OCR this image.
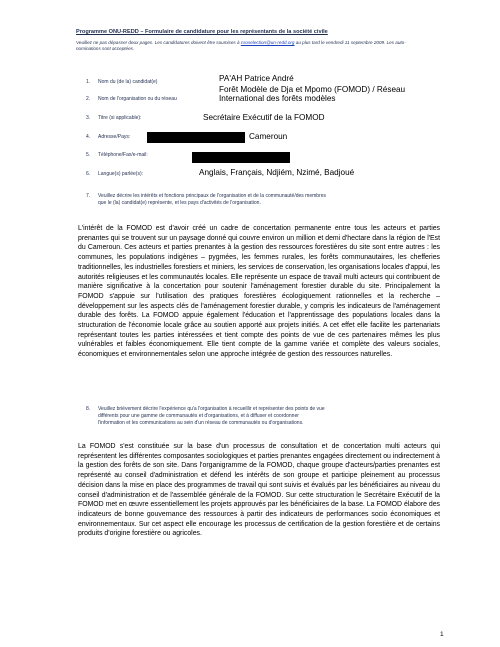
Programme ONU-REDD – Formulaire de candidature pour les représentants de la société civile
Veuillez ne pas dépasser deux pages. Les candidatures doivent être soumises à csoselection@un-redd.org au plus tard le vendredi 11 septembre 2009. Les auto-nominations sont acceptées.
1. Nom du (de la) candidat(e)
2. Nom de l'organisation ou du réseau
3. Titre (si applicable):
4. Adresse/Pays:
5. Téléphone/Fax/e-mail:
6. Langue(s) parlée(s):
PA'AH Patrice André
Forêt Modèle de Dja et Mpomo (FOMOD) / Réseau
International des forêts modèles
Secrétaire Exécutif de la FOMOD
Cameroun
Anglais, Français, Ndjiém, Nzimé, Badjoué
7. Veuillez décrire les intérêts et fonctions principaux de l'organisation et de la communauté/des membres
que le (la) candidat(e) représente, et les pays d'activités de l'organisation.
L'intérêt de la FOMOD est d'avoir créé un cadre de concertation permanente entre tous les acteurs et parties prenantes qui se trouvent sur un paysage donné qui couvre environ un million et demi d'hectare dans la région de l'Est du Cameroun. Ces acteurs et parties prenantes à la gestion des ressources forestières du site sont entre autres : les communes, les populations indigènes – pygmées, les femmes rurales, les forêts communautaires, les chefferies traditionnelles, les industrielles forestiers et miniers, les services de conservation, les organisations locales d'appui, les autorités religieuses et les communautés locales. Elle représente un espace de travail multi acteurs qui contribuent de manière significative à la concertation pour soutenir l'aménagement forestier durable du site. Principalement la FOMOD s'appuie sur l'utilisation des pratiques forestières écologiquement rationnelles et la recherche – développement sur les aspects clés de l'aménagement forestier durable, y compris les indicateurs de l'aménagement durable des forêts. La FOMOD appuie également l'éducation et l'apprentissage des populations locales dans la structuration de l'économie locale grâce au soutien apporté aux projets initiés. A cet effet elle facilite les partenariats représentant toutes les parties intéressées et tient compte des points de vue de ces partenaires mêmes les plus vulnérables et faibles économiquement. Elle tient compte de la gamme variée et complète des valeurs sociales, économiques et environnementales selon une approche intégrée de gestion des ressources naturelles.
8. Veuillez brièvement décrire l'expérience qu'a l'organisation à recueillir et représenter des points de vue
différents pour une gamme de communautés et d'organisations, et à diffuser et coordonner
l'information et les communications au sein d'un réseau de communautés ou d'organisations.
La FOMOD s'est constituée sur la base d'un processus de consultation et de concertation multi acteurs qui représentent les différentes composantes sociologiques et parties prenantes engagées directement ou indirectement à la gestion des forêts de son site. Dans l'organigramme de la FOMOD, chaque groupe d'acteurs/parties prenantes est représenté au conseil d'administration et défend les intérêts de son groupe et participe pleinement au processus décision dans la mise en place des programmes de travail qui sont suivis et évalués par les bénéficiaires au niveau du conseil d'administration et de l'assemblée générale de la FOMOD. Sur cette structuration le Secrétaire Exécutif de la FOMOD met en œuvre essentiellement les projets approuvés par les bénéficiaires de la base. La FOMOD élabore des indicateurs de bonne gouvernance des ressources à partir des indicateurs de performances socio économiques et environnementaux. Sur cet aspect elle encourage les processus de certification de la gestion forestière et de certains produits d'origine forestière ou agricoles.
1
